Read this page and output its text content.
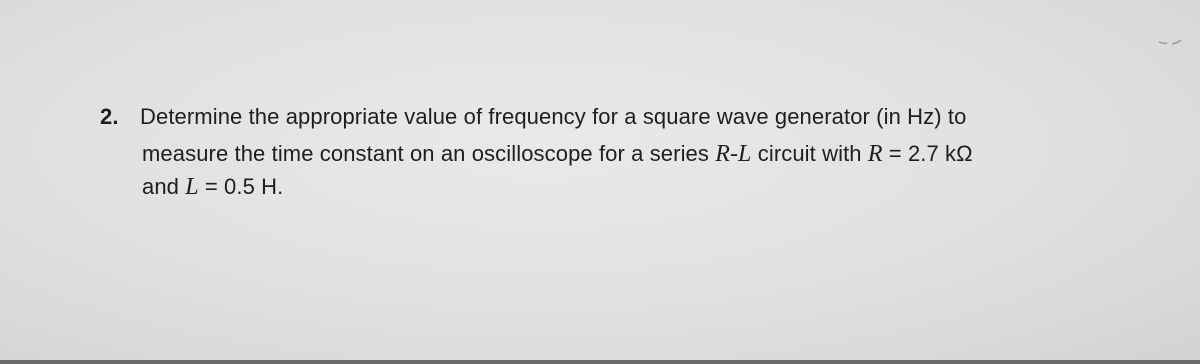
2. Determine the appropriate value of frequency for a square wave generator (in Hz) to
measure the time constant on an oscilloscope for a series R-L circuit with R = 2.7 kΩ
and L = 0.5 H.
